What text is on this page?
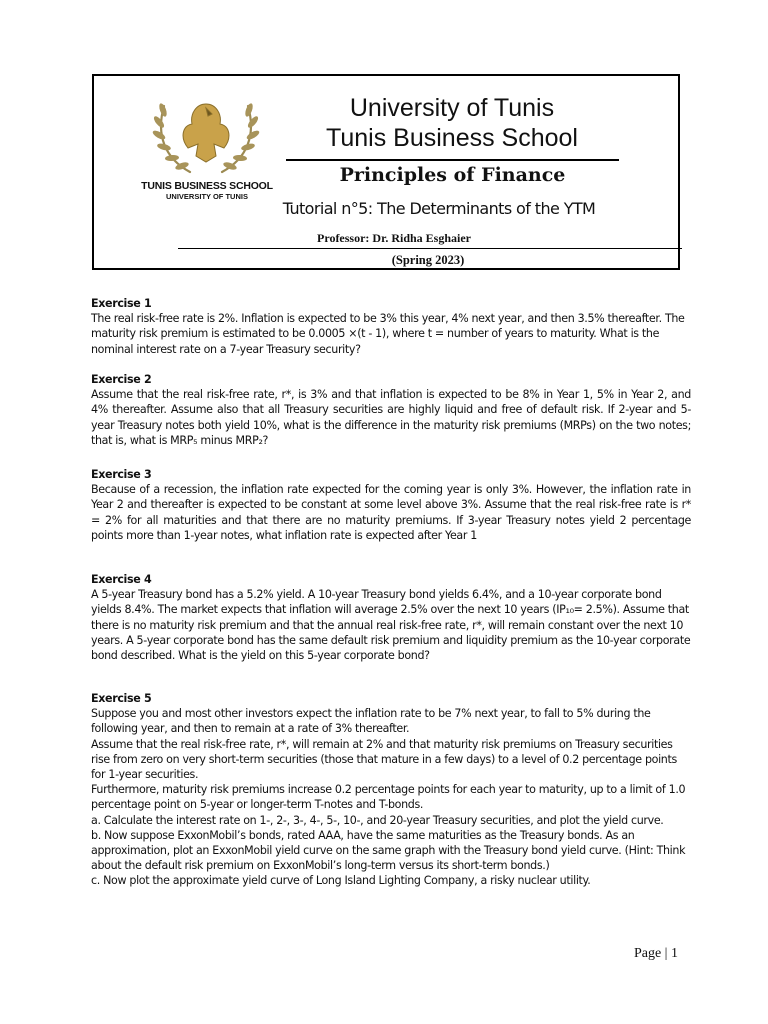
TUNIS BUSINESS SCHOOL
UNIVERSITY OF TUNIS
University of Tunis
Tunis Business School
Principles of Finance
Tutorial n°5: The Determinants of the YTM
Professor: Dr. Ridha Esghaier
(Spring 2023)
Exercise 1

The real risk-free rate is 2%. Inflation is expected to be 3% this year, 4% next year, and then 3.5% thereafter. The maturity risk premium is estimated to be 0.0005 ×(t - 1), where t = number of years to maturity. What is the nominal interest rate on a 7-year Treasury security?

Exercise 2

Assume that the real risk-free rate, r*, is 3% and that inflation is expected to be 8% in Year 1, 5% in Year 2, and 4% thereafter. Assume also that all Treasury securities are highly liquid and free of default risk. If 2-year and 5-year Treasury notes both yield 10%, what is the difference in the maturity risk premiums (MRPs) on the two notes; that is, what is MRP₅ minus MRP₂?

Exercise 3

Because of a recession, the inflation rate expected for the coming year is only 3%. However, the inflation rate in Year 2 and thereafter is expected to be constant at some level above 3%. Assume that the real risk-free rate is r* = 2% for all maturities and that there are no maturity premiums. If 3-year Treasury notes yield 2 percentage points more than 1-year notes, what inflation rate is expected after Year 1

Exercise 4

A 5-year Treasury bond has a 5.2% yield. A 10-year Treasury bond yields 6.4%, and a 10-year corporate bond yields 8.4%. The market expects that inflation will average 2.5% over the next 10 years (IP₁₀= 2.5%). Assume that there is no maturity risk premium and that the annual real risk-free rate, r*, will remain constant over the next 10 years. A 5-year corporate bond has the same default risk premium and liquidity premium as the 10-year corporate bond described. What is the yield on this 5-year corporate bond?

Exercise 5

Suppose you and most other investors expect the inflation rate to be 7% next year, to fall to 5% during the following year, and then to remain at a rate of 3% thereafter.

Assume that the real risk-free rate, r*, will remain at 2% and that maturity risk premiums on Treasury securities rise from zero on very short-term securities (those that mature in a few days) to a level of 0.2 percentage points for 1-year securities.

Furthermore, maturity risk premiums increase 0.2 percentage points for each year to maturity, up to a limit of 1.0 percentage point on 5-year or longer-term T-notes and T-bonds.

a. Calculate the interest rate on 1-, 2-, 3-, 4-, 5-, 10-, and 20-year Treasury securities, and plot the yield curve.

b. Now suppose ExxonMobil’s bonds, rated AAA, have the same maturities as the Treasury bonds. As an approximation, plot an ExxonMobil yield curve on the same graph with the Treasury bond yield curve. (Hint: Think about the default risk premium on ExxonMobil’s long-term versus its short-term bonds.)

c. Now plot the approximate yield curve of Long Island Lighting Company, a risky nuclear utility.

Page | 1
